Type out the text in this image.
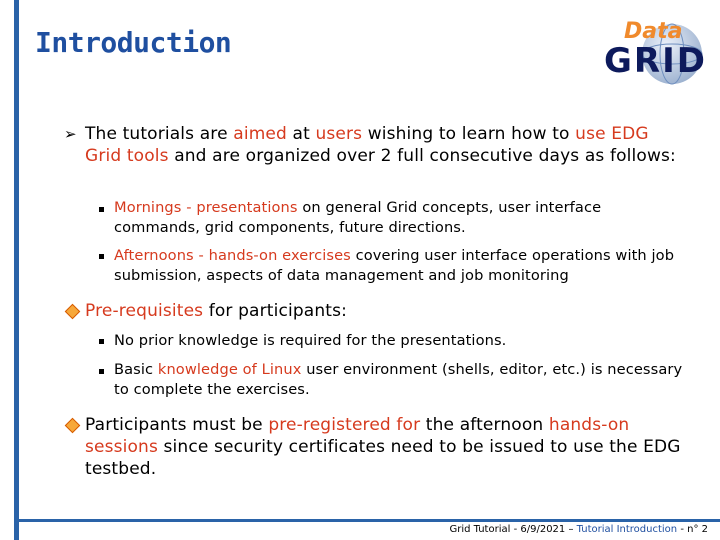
Introduction	Data
GRID
➢ The tutorials are aimed at users wishing to learn how to use EDG Grid tools and are organized over 2 full consecutive days as follows:
Mornings - presentations on general Grid concepts, user interface commands, grid components, future directions.
Afternoons - hands-on exercises covering user interface operations with job submission, aspects of data management and job monitoring
Pre-requisites for participants:
No prior knowledge is required for the presentations.
Basic knowledge of Linux user environment (shells, editor, etc.) is necessary to complete the exercises.
Participants must be pre-registered for the afternoon hands-on sessions since security certificates need to be issued to use the EDG testbed.
Grid Tutorial - 6/9/2021 – Tutorial Introduction - n° 2
